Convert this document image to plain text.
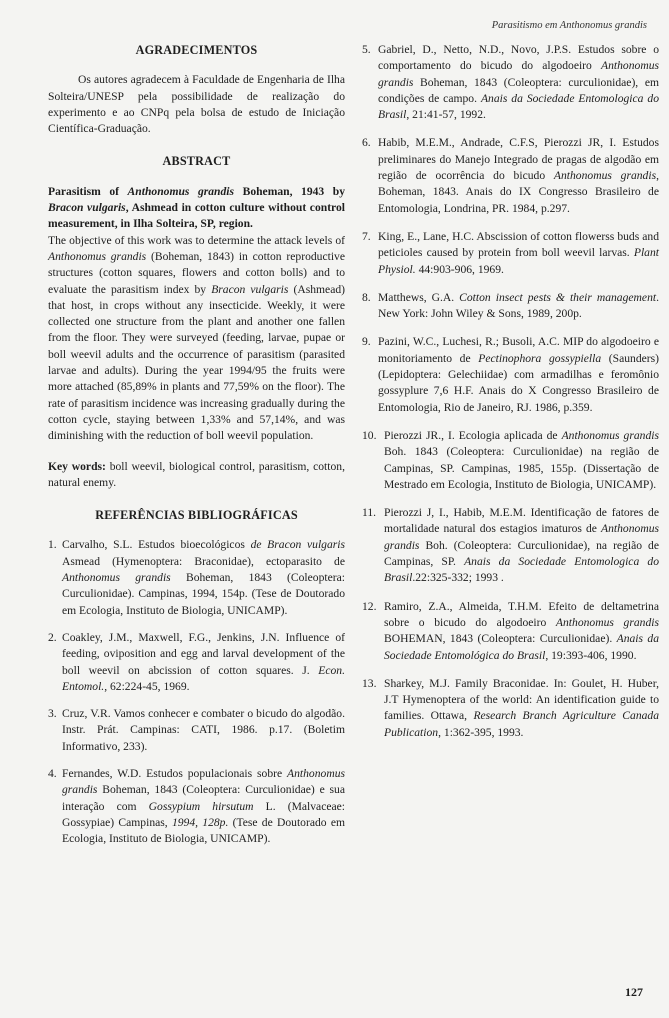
Parasitismo em Anthonomus grandis
AGRADECIMENTOS

Os autores agradecem à Faculdade de Engenharia de Ilha Solteira/UNESP pela possibilidade de realização do experimento e ao CNPq pela bolsa de estudo de Iniciação Científica-Graduação.

ABSTRACT

Parasitism of Anthonomus grandis Boheman, 1943 by Bracon vulgaris, Ashmead in cotton culture without control measurement, in Ilha Solteira, SP, region.

The objective of this work was to determine the attack levels of Anthonomus grandis (Boheman, 1843) in cotton reproductive structures (cotton squares, flowers and cotton bolls) and to evaluate the parasitism index by Bracon vulgaris (Ashmead) that host, in crops without any insecticide. Weekly, it were collected one structure from the plant and another one fallen from the floor. They were surveyed (feeding, larvae, pupae or boll weevil adults and the occurrence of parasitism (parasited larvae and adults). During the year 1994/95 the fruits were more attached (85,89% in plants and 77,59% on the floor). The rate of parasitism incidence was increasing gradually during the cotton cycle, staying between 1,33% and 57,14%, and was diminishing with the reduction of boll weevil population.

Key words: boll weevil, biological control, parasitism, cotton, natural enemy.

REFERÊNCIAS BIBLIOGRÁFICAS
1. Carvalho, S.L. Estudos bioecológicos de Bracon vulgaris Asmead (Hymenoptera: Braconidae), ectoparasito de Anthonomus grandis Boheman, 1843 (Coleoptera: Curculionidae). Campinas, 1994, 154p. (Tese de Doutorado em Ecologia, Instituto de Biologia, UNICAMP).
2. Coakley, J.M., Maxwell, F.G., Jenkins, J.N. Influence of feeding, oviposition and egg and larval development of the boll weevil on abcission of cotton squares. J. Econ. Entomol., 62:224-45, 1969.
3. Cruz, V.R. Vamos conhecer e combater o bicudo do algodão. Instr. Prát. Campinas: CATI, 1986. p.17. (Boletim Informativo, 233).
4. Fernandes, W.D. Estudos populacionais sobre Anthonomus grandis Boheman, 1843 (Coleoptera: Curculionidae) e sua interação com Gossypium hirsutum L. (Malvaceae: Gossypiae) Campinas, 1994, 128p. (Tese de Doutorado em Ecologia, Instituto de Biologia, UNICAMP).
5. Gabriel, D., Netto, N.D., Novo, J.P.S. Estudos sobre o comportamento do bicudo do algodoeiro Anthonomus grandis Boheman, 1843 (Coleoptera: curculionidae), em condições de campo. Anais da Sociedade Entomologica do Brasil, 21:41-57, 1992.
6. Habib, M.E.M., Andrade, C.F.S, Pierozzi JR, I. Estudos preliminares do Manejo Integrado de pragas de algodão em região de ocorrência do bicudo Anthonomus grandis, Boheman, 1843. Anais do IX Congresso Brasileiro de Entomologia, Londrina, PR. 1984, p.297.
7. King, E., Lane, H.C. Abscission of cotton flowerss buds and peticioles caused by protein from boll weevil larvas. Plant Physiol. 44:903-906, 1969.
8. Matthews, G.A. Cotton insect pests & their management. New York: John Wiley & Sons, 1989, 200p.
9. Pazini, W.C., Luchesi, R.; Busoli, A.C. MIP do algodoeiro e monitoriamento de Pectinophora gossypiella (Saunders) (Lepidoptera: Gelechiidae) com armadilhas e feromônio gossyplure 7,6 H.F. Anais do X Congresso Brasileiro de Entomologia, Rio de Janeiro, RJ. 1986, p.359.
10. Pierozzi JR., I. Ecologia aplicada de Anthonomus grandis Boh. 1843 (Coleoptera: Curculionidae) na região de Campinas, SP. Campinas, 1985, 155p. (Dissertação de Mestrado em Ecologia, Instituto de Biologia, UNICAMP).
11. Pierozzi J, I., Habib, M.E.M. Identificação de fatores de mortalidade natural dos estagios imaturos de Anthonomus grandis Boh. (Coleoptera: Curculionidae), na região de Campinas, SP. Anais da Sociedade Entomologica do Brasil.22:325-332; 1993 .
12. Ramiro, Z.A., Almeida, T.H.M. Efeito de deltametrina sobre o bicudo do algodoeiro Anthonomus grandis BOHEMAN, 1843 (Coleoptera: Curculionidae). Anais da Sociedade Entomológica do Brasil, 19:393-406, 1990.
13. Sharkey, M.J. Family Braconidae. In: Goulet, H. Huber, J.T Hymenoptera of the world: An identification guide to families. Ottawa, Research Branch Agriculture Canada Publication, 1:362-395, 1993.
127
